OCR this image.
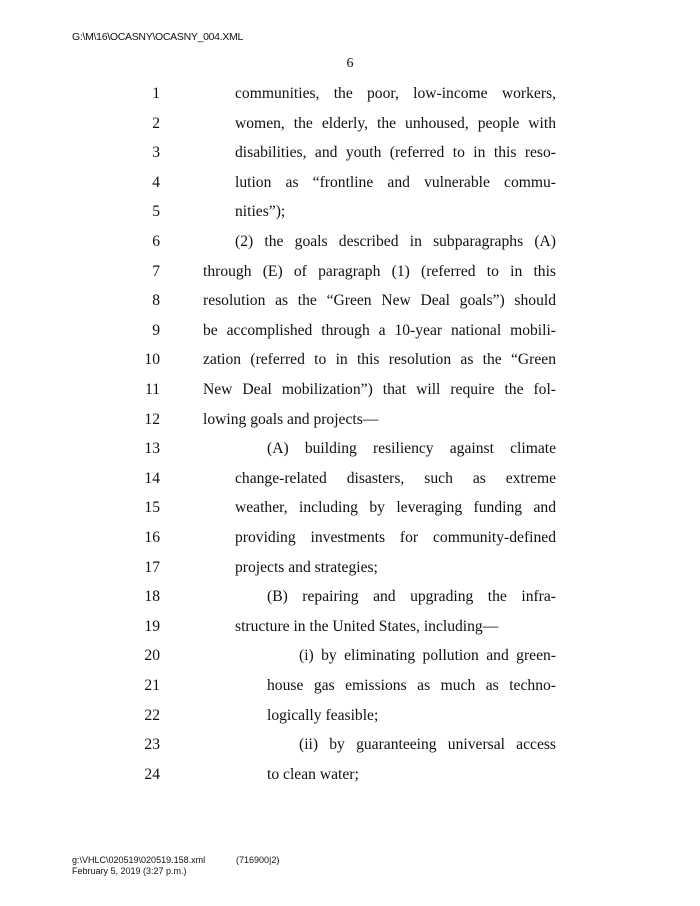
G:\M\16\OCASNY\OCASNY_004.XML
6
1	communities, the poor, low-income workers,
2	women, the elderly, the unhoused, people with
3	disabilities, and youth (referred to in this reso-
4	lution as “frontline and vulnerable commu-
5	nities”);
6	(2) the goals described in subparagraphs (A)
7	through (E) of paragraph (1) (referred to in this
8	resolution as the “Green New Deal goals”) should
9	be accomplished through a 10-year national mobili-
10	zation (referred to in this resolution as the “Green
11	New Deal mobilization”) that will require the fol-
12	lowing goals and projects—
13	(A) building resiliency against climate
14	change-related disasters, such as extreme
15	weather, including by leveraging funding and
16	providing investments for community-defined
17	projects and strategies;
18	(B) repairing and upgrading the infra-
19	structure in the United States, including—
20	(i) by eliminating pollution and green-
21	house gas emissions as much as techno-
22	logically feasible;
23	(ii) by guaranteeing universal access
24	to clean water;
g:\VHLC\020519\020519.158.xml	(716900|2)
February 5, 2019 (3:27 p.m.)
